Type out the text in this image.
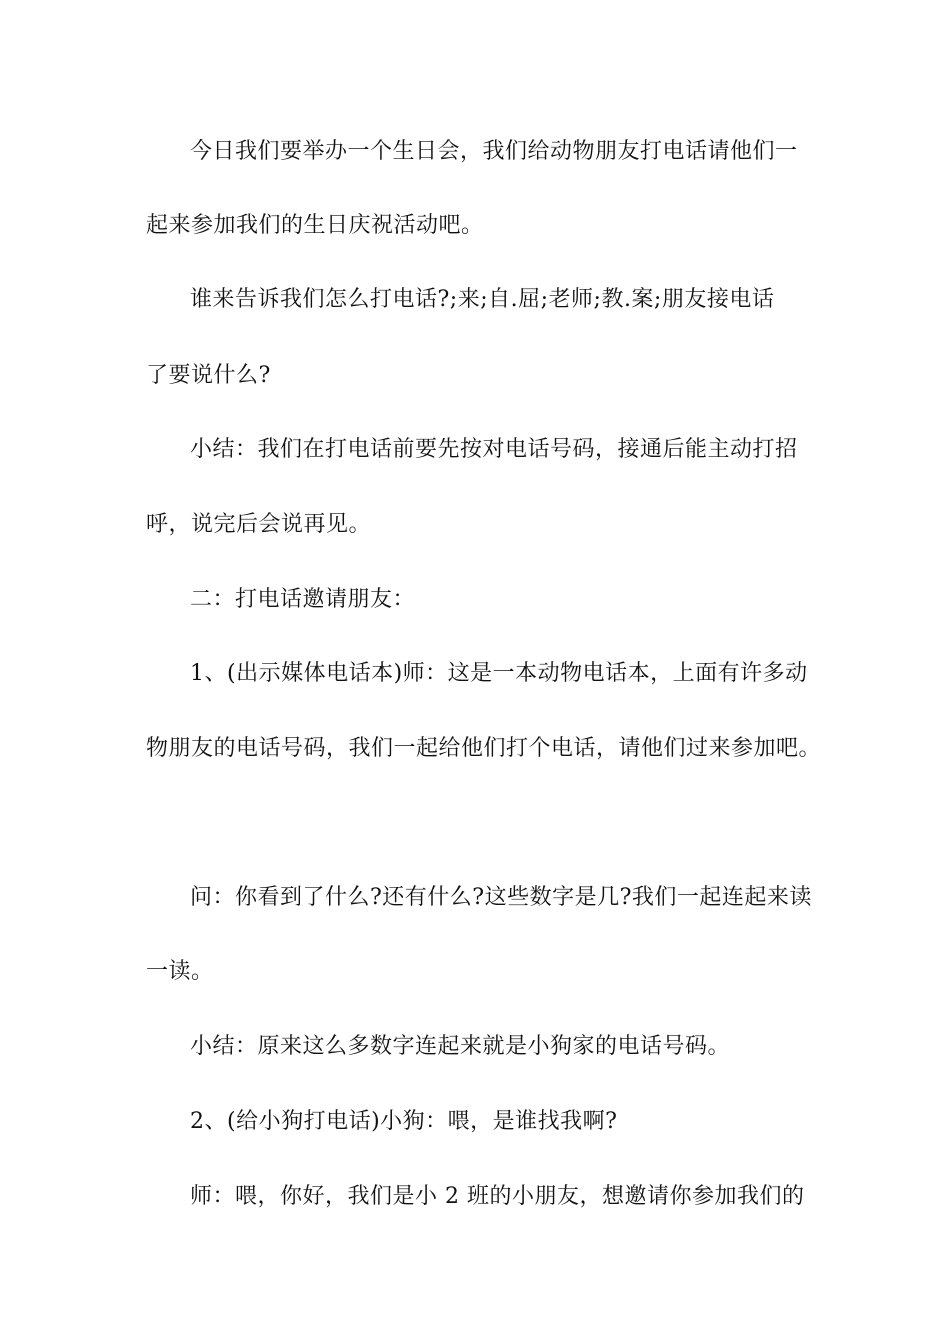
今日我们要举办一个生日会，我们给动物朋友打电话请他们一
起来参加我们的生日庆祝活动吧。
谁来告诉我们怎么打电话?;来;自.屈;老师;教.案;朋友接电话
了要说什么?
小结：我们在打电话前要先按对电话号码，接通后能主动打招
呼，说完后会说再见。
二：打电话邀请朋友：
1、(出示媒体电话本)师：这是一本动物电话本，上面有许多动
物朋友的电话号码，我们一起给他们打个电话，请他们过来参加吧。
问：你看到了什么?还有什么?这些数字是几?我们一起连起来读
一读。
小结：原来这么多数字连起来就是小狗家的电话号码。
2、(给小狗打电话)小狗：喂，是谁找我啊?
师：喂，你好，我们是小 2 班的小朋友，想邀请你参加我们的
